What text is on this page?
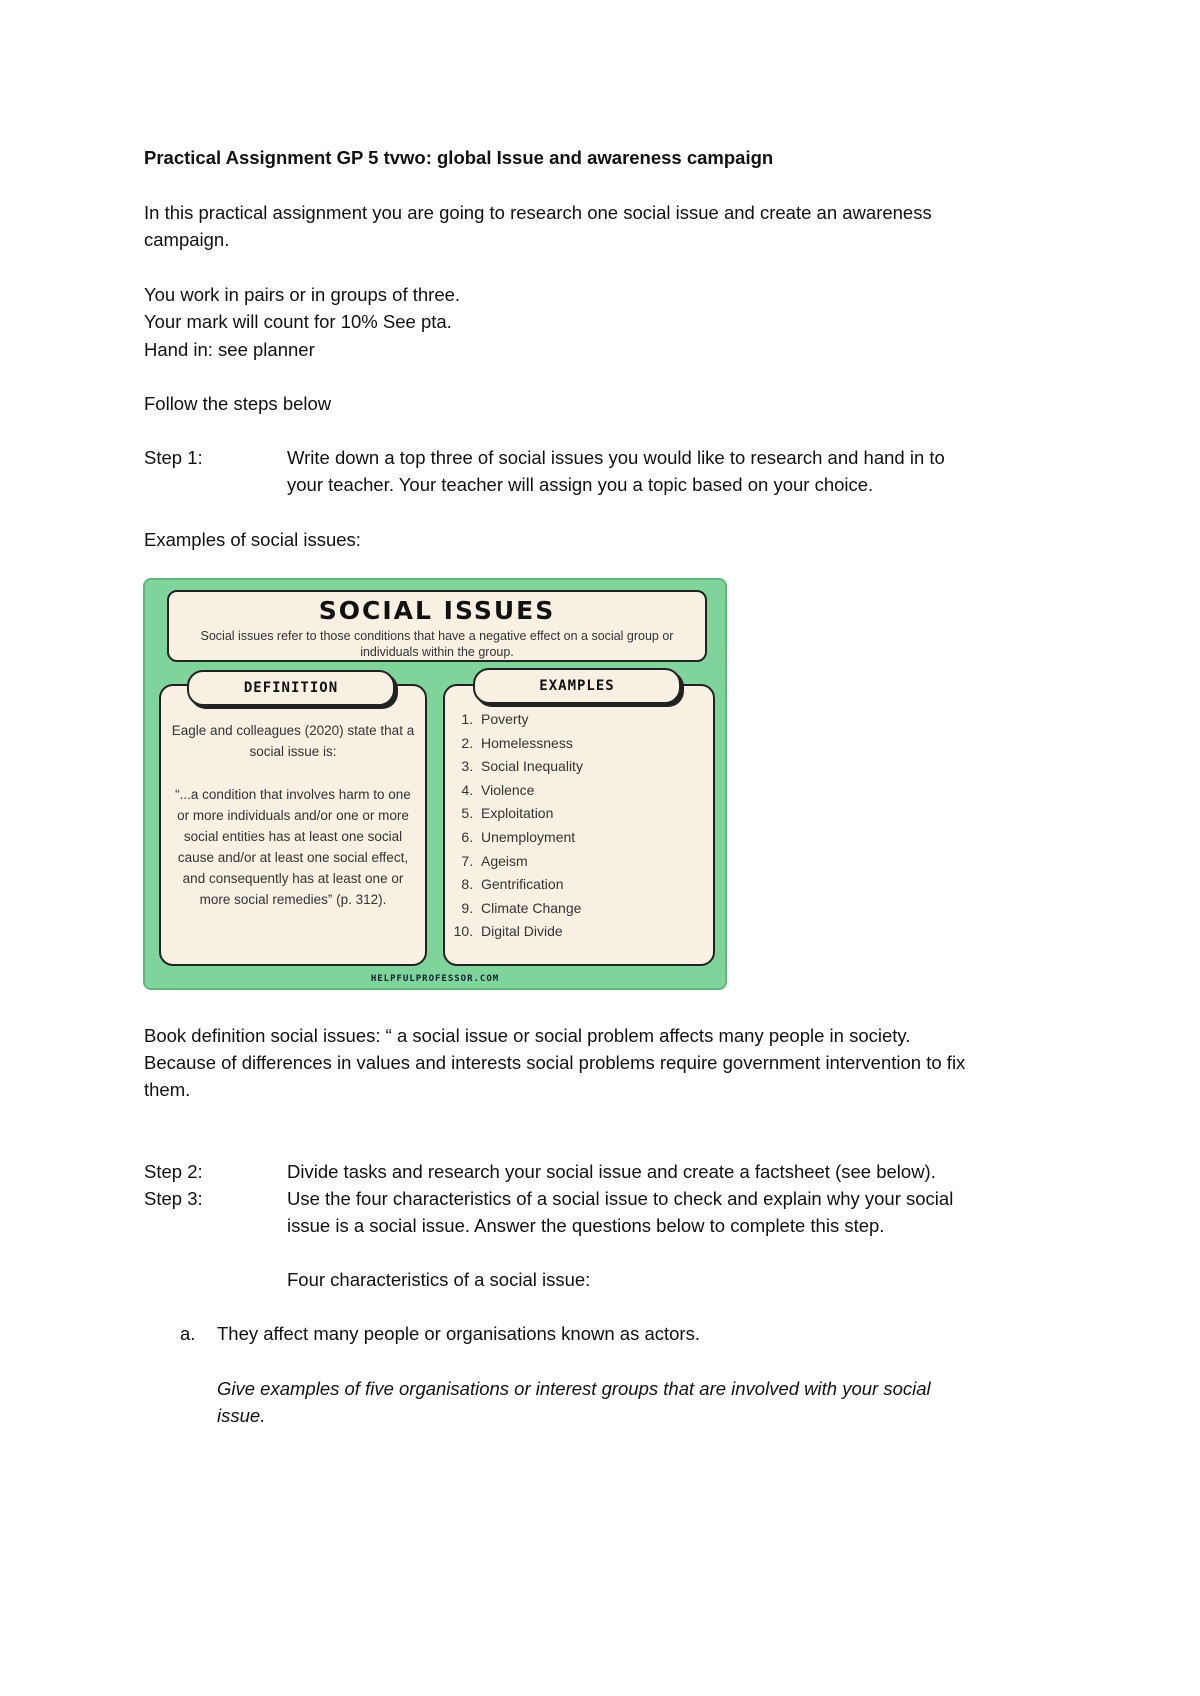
Practical Assignment GP 5 tvwo: global Issue and awareness campaign
In this practical assignment you are going to research one social issue and create an awareness
campaign.
You work in pairs or in groups of three.
Your mark will count for 10% See pta.
Hand in: see planner
Follow the steps below
Step 1:	Write down a top three of social issues you would like to research and hand in to
your teacher. Your teacher will assign you a topic based on your choice.
Examples of social issues:
SOCIAL ISSUES
Social issues refer to those conditions that have a negative effect on a social group or individuals within the group.
Eagle and colleagues (2020) state that a social issue is:
“...a condition that involves harm to one or more individuals and/or one or more social entities has at least one social cause and/or at least one social effect, and consequently has at least one or more social remedies” (p. 312).
DEFINITION
1. Poverty
2. Homelessness
3. Social Inequality
4. Violence
5. Exploitation
6. Unemployment
7. Ageism
8. Gentrification
9. Climate Change
10. Digital Divide
EXAMPLES
HELPFULPROFESSOR.COM
Book definition social issues: “ a social issue or social problem affects many people in society.
Because of differences in values and interests social problems require government intervention to fix
them.
Step 2:	Divide tasks and research your social issue and create a factsheet (see below).
Step 3:	Use the four characteristics of a social issue to check and explain why your social
issue is a social issue. Answer the questions below to complete this step.
Four characteristics of a social issue:
a. They affect many people or organisations known as actors.
Give examples of five organisations or interest groups that are involved with your social
issue.
